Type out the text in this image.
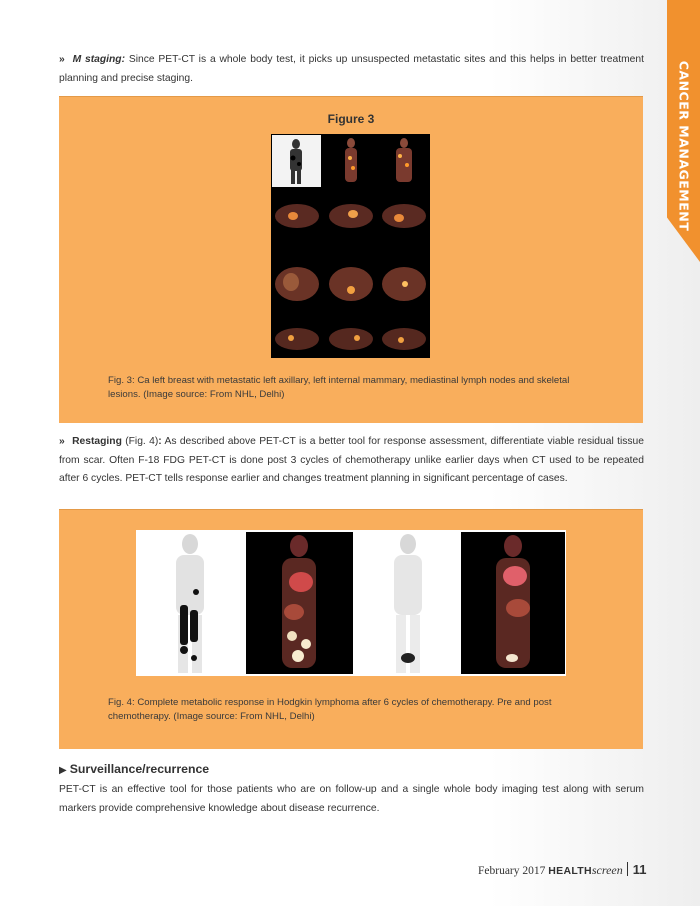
CANCER MANAGEMENT

» M staging: Since PET-CT is a whole body test, it picks up unsuspected metastatic sites and this helps in better treatment planning and precise staging.

Figure 3
Fig. 3: Ca left breast with metastatic left axillary, left internal mammary, mediastinal lymph nodes and skeletal lesions. (Image source: From NHL, Delhi)

» Restaging (Fig. 4): As described above PET-CT is a better tool for response assessment, differentiate viable residual tissue from scar. Often F-18 FDG PET-CT is done post 3 cycles of chemotherapy unlike earlier days when CT used to be repeated after 6 cycles. PET-CT tells response earlier and changes treatment planning in significant percentage of cases.

Fig. 4: Complete metabolic response in Hodgkin lymphoma after 6 cycles of chemotherapy. Pre and post chemotherapy. (Image source: From NHL, Delhi)
▶ Surveillance/recurrence

PET-CT is an effective tool for those patients who are on follow-up and a single whole body imaging test along with serum markers provide comprehensive knowledge about disease recurrence.

February 2017 HEALTHscreen 11
